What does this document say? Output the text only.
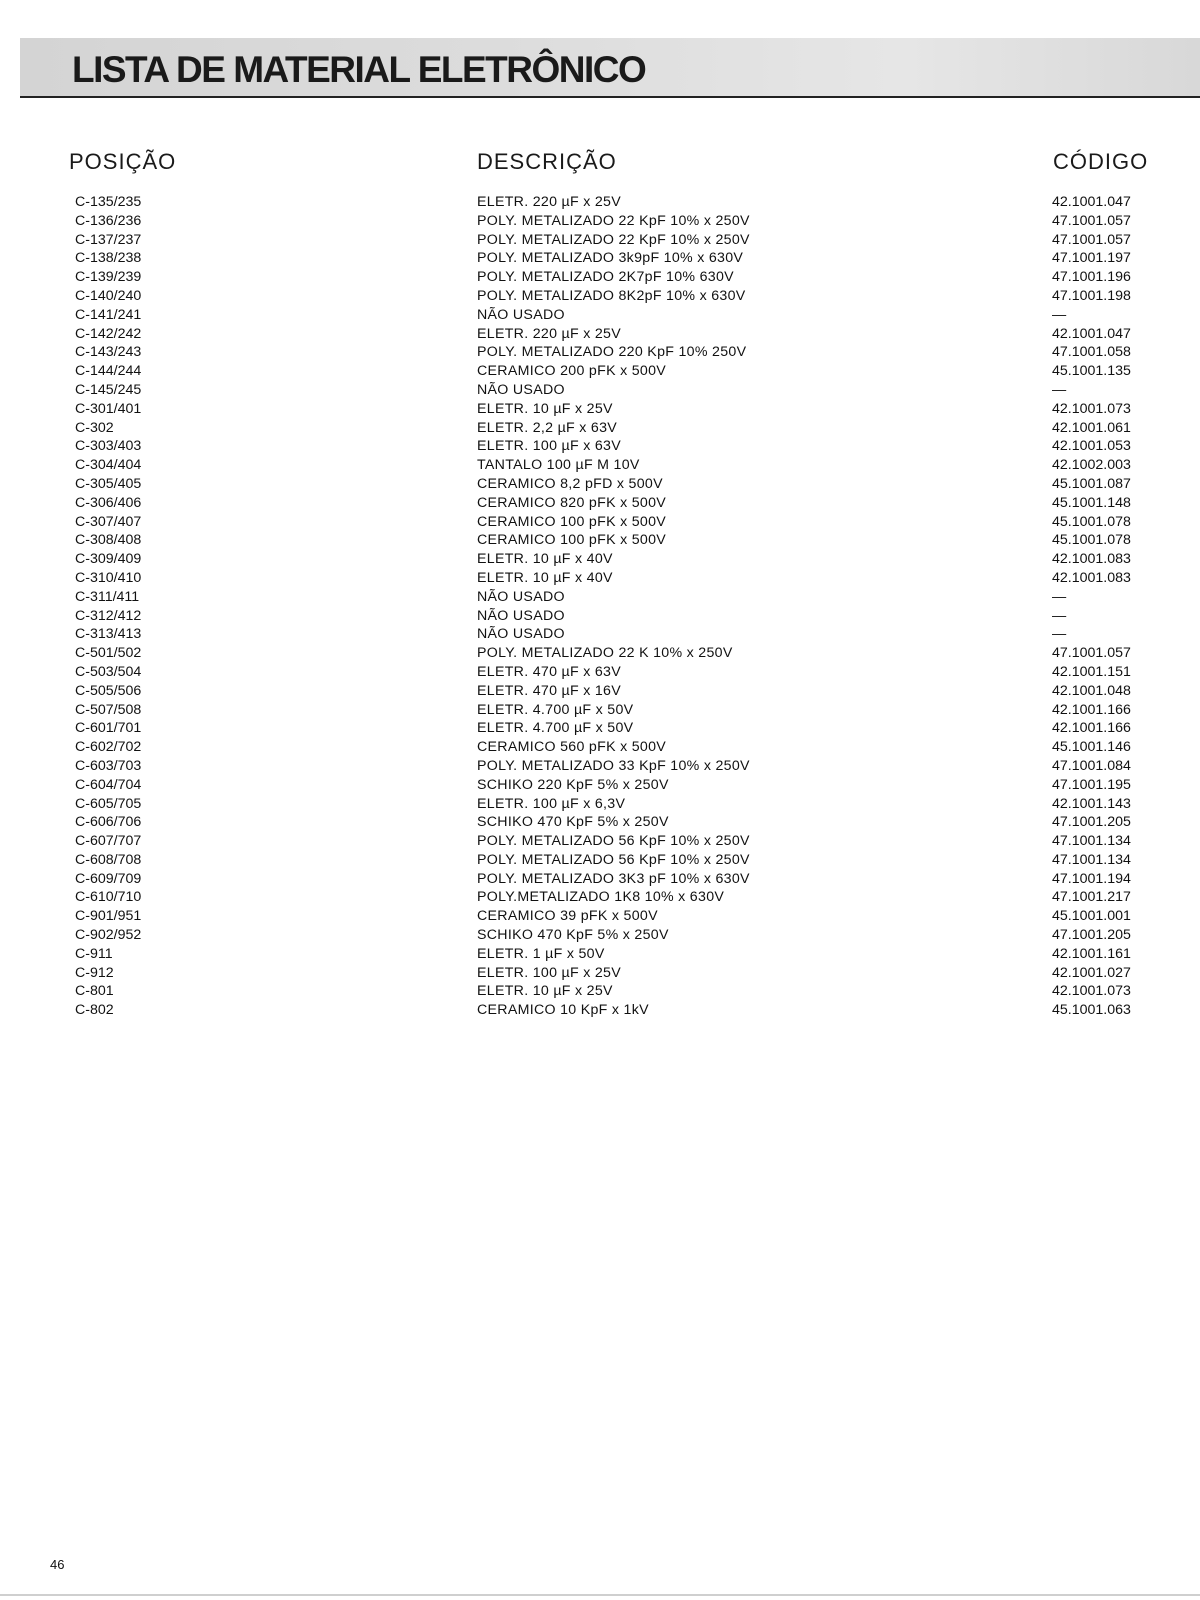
LISTA DE MATERIAL ELETRÔNICO
POSIÇÃO	DESCRIÇÃO	CÓDIGO
C-135/235	ELETR. 220 µF x 25V	42.1001.047
C-136/236	POLY. METALIZADO 22 KpF 10% x 250V	47.1001.057
C-137/237	POLY. METALIZADO 22 KpF 10% x 250V	47.1001.057
C-138/238	POLY. METALIZADO 3k9pF 10% x 630V	47.1001.197
C-139/239	POLY. METALIZADO 2K7pF 10% 630V	47.1001.196
C-140/240	POLY. METALIZADO 8K2pF 10% x 630V	47.1001.198
C-141/241	NÃO USADO	—
C-142/242	ELETR. 220 µF x 25V	42.1001.047
C-143/243	POLY. METALIZADO 220 KpF 10% 250V	47.1001.058
C-144/244	CERAMICO 200 pFK x 500V	45.1001.135
C-145/245	NÃO USADO	—
C-301/401	ELETR. 10 µF x 25V	42.1001.073
C-302	ELETR. 2,2 µF x 63V	42.1001.061
C-303/403	ELETR. 100 µF x 63V	42.1001.053
C-304/404	TANTALO 100 µF M 10V	42.1002.003
C-305/405	CERAMICO 8,2 pFD x 500V	45.1001.087
C-306/406	CERAMICO 820 pFK x 500V	45.1001.148
C-307/407	CERAMICO 100 pFK x 500V	45.1001.078
C-308/408	CERAMICO 100 pFK x 500V	45.1001.078
C-309/409	ELETR. 10 µF x 40V	42.1001.083
C-310/410	ELETR. 10 µF x 40V	42.1001.083
C-311/411	NÃO USADO	—
C-312/412	NÃO USADO	—
C-313/413	NÃO USADO	—
C-501/502	POLY. METALIZADO 22 K 10% x 250V	47.1001.057
C-503/504	ELETR. 470 µF x 63V	42.1001.151
C-505/506	ELETR. 470 µF x 16V	42.1001.048
C-507/508	ELETR. 4.700 µF x 50V	42.1001.166
C-601/701	ELETR. 4.700 µF x 50V	42.1001.166
C-602/702	CERAMICO 560 pFK x 500V	45.1001.146
C-603/703	POLY. METALIZADO 33 KpF 10% x 250V	47.1001.084
C-604/704	SCHIKO 220 KpF 5% x 250V	47.1001.195
C-605/705	ELETR. 100 µF x 6,3V	42.1001.143
C-606/706	SCHIKO 470 KpF 5% x 250V	47.1001.205
C-607/707	POLY. METALIZADO 56 KpF 10% x 250V	47.1001.134
C-608/708	POLY. METALIZADO 56 KpF 10% x 250V	47.1001.134
C-609/709	POLY. METALIZADO 3K3 pF 10% x 630V	47.1001.194
C-610/710	POLY.METALIZADO 1K8 10% x 630V	47.1001.217
C-901/951	CERAMICO 39 pFK x 500V	45.1001.001
C-902/952	SCHIKO 470 KpF 5% x 250V	47.1001.205
C-911	ELETR. 1 µF x 50V	42.1001.161
C-912	ELETR. 100 µF x 25V	42.1001.027
C-801	ELETR. 10 µF x 25V	42.1001.073
C-802	CERAMICO 10 KpF x 1kV	45.1001.063
46
